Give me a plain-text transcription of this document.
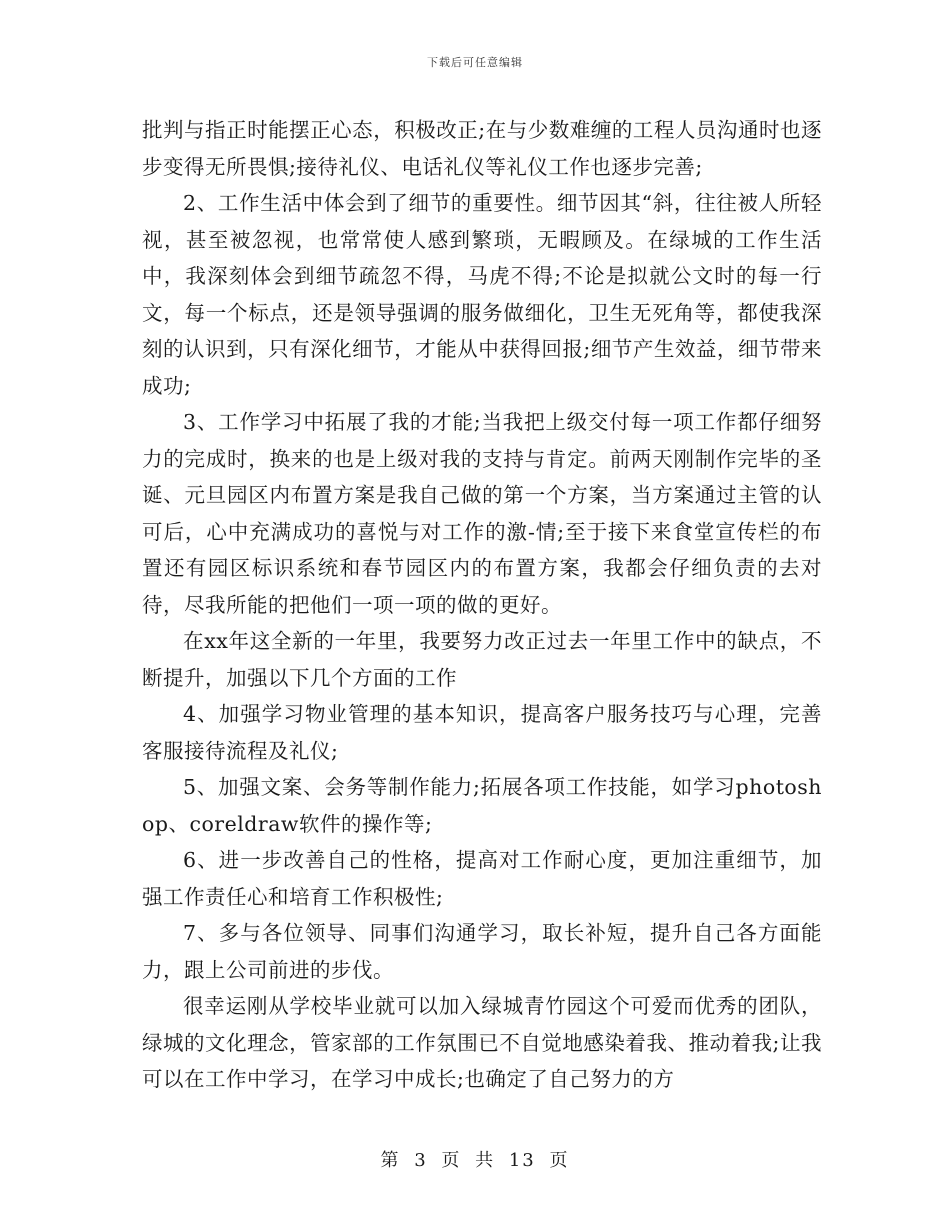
下载后可任意编辑

批判与指正时能摆正心态，积极改正;在与少数难缠的工程人员沟通时也逐步变得无所畏惧;接待礼仪、电话礼仪等礼仪工作也逐步完善;

2、工作生活中体会到了细节的重要性。细节因其“斜，往往被人所轻视，甚至被忽视，也常常使人感到繁琐，无暇顾及。在绿城的工作生活中，我深刻体会到细节疏忽不得，马虎不得;不论是拟就公文时的每一行文，每一个标点，还是领导强调的服务做细化，卫生无死角等，都使我深刻的认识到，只有深化细节，才能从中获得回报;细节产生效益，细节带来成功;

3、工作学习中拓展了我的才能;当我把上级交付每一项工作都仔细努力的完成时，换来的也是上级对我的支持与肯定。前两天刚制作完毕的圣诞、元旦园区内布置方案是我自己做的第一个方案，当方案通过主管的认可后，心中充满成功的喜悦与对工作的激-情;至于接下来食堂宣传栏的布置还有园区标识系统和春节园区内的布置方案，我都会仔细负责的去对待，尽我所能的把他们一项一项的做的更好。

在xx年这全新的一年里，我要努力改正过去一年里工作中的缺点，不断提升，加强以下几个方面的工作

4、加强学习物业管理的基本知识，提高客户服务技巧与心理，完善客服接待流程及礼仪;

5、加强文案、会务等制作能力;拓展各项工作技能，如学习photoshop、coreldraw软件的操作等;

6、进一步改善自己的性格，提高对工作耐心度，更加注重细节，加强工作责任心和培育工作积极性;

7、多与各位领导、同事们沟通学习，取长补短，提升自己各方面能力，跟上公司前进的步伐。

很幸运刚从学校毕业就可以加入绿城青竹园这个可爱而优秀的团队，绿城的文化理念，管家部的工作氛围已不自觉地感染着我、推动着我;让我可以在工作中学习，在学习中成长;也确定了自己努力的方

第 3 页 共 13 页
